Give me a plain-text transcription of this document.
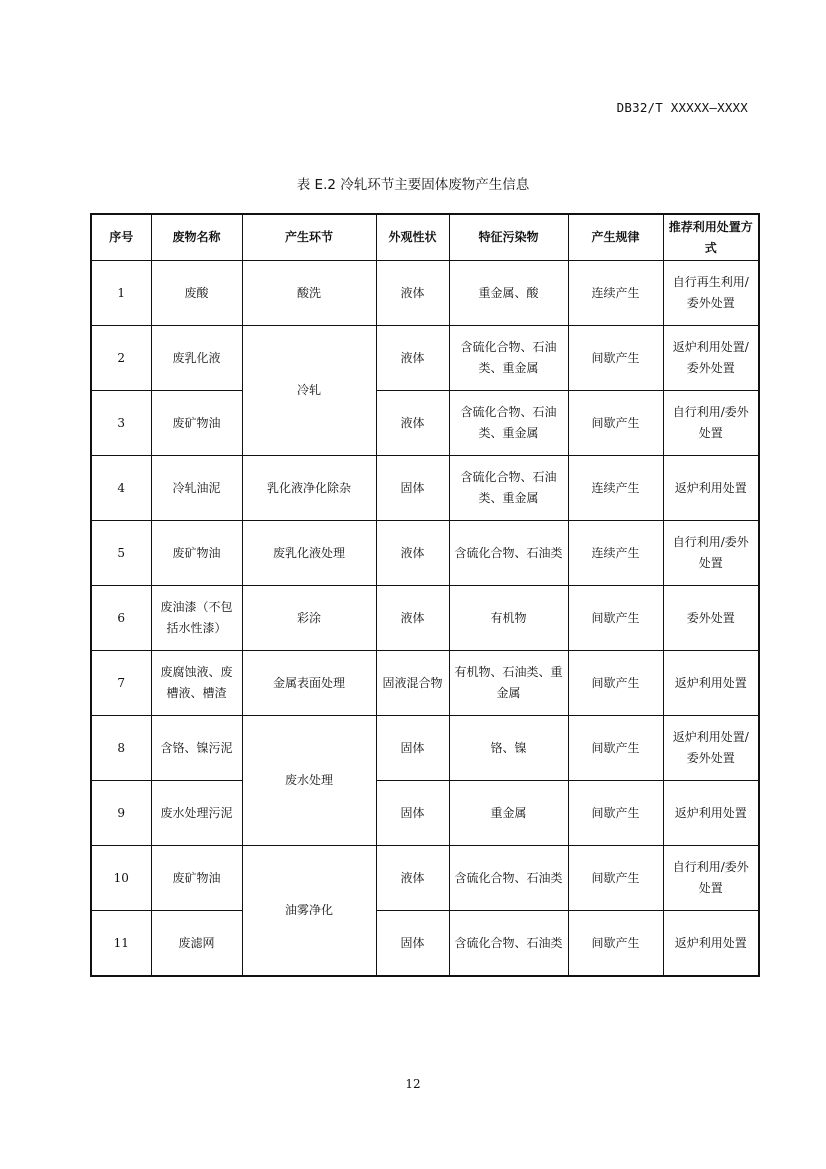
DB32/T XXXXX—XXXX
表 E.2 冷轧环节主要固体废物产生信息
序号	废物名称	产生环节	外观性状	特征污染物	产生规律	推荐利用处置方式
1	废酸	酸洗	液体	重金属、酸	连续产生	自行再生利用/委外处置
2	废乳化液	冷轧	液体	含硫化合物、石油类、重金属	间歇产生	返炉利用处置/委外处置
3	废矿物油		液体	含硫化合物、石油类、重金属	间歇产生	自行利用/委外处置
4	冷轧油泥	乳化液净化除杂	固体	含硫化合物、石油类、重金属	连续产生	返炉利用处置
5	废矿物油	废乳化液处理	液体	含硫化合物、石油类	连续产生	自行利用/委外处置
6	废油漆（不包括水性漆）	彩涂	液体	有机物	间歇产生	委外处置
7	废腐蚀液、废槽液、槽渣	金属表面处理	固液混合物	有机物、石油类、重金属	间歇产生	返炉利用处置
8	含铬、镍污泥	废水处理	固体	铬、镍	间歇产生	返炉利用处置/委外处置
9	废水处理污泥		固体	重金属	间歇产生	返炉利用处置
10	废矿物油	油雾净化	液体	含硫化合物、石油类	间歇产生	自行利用/委外处置
11	废滤网		固体	含硫化合物、石油类	间歇产生	返炉利用处置
12
